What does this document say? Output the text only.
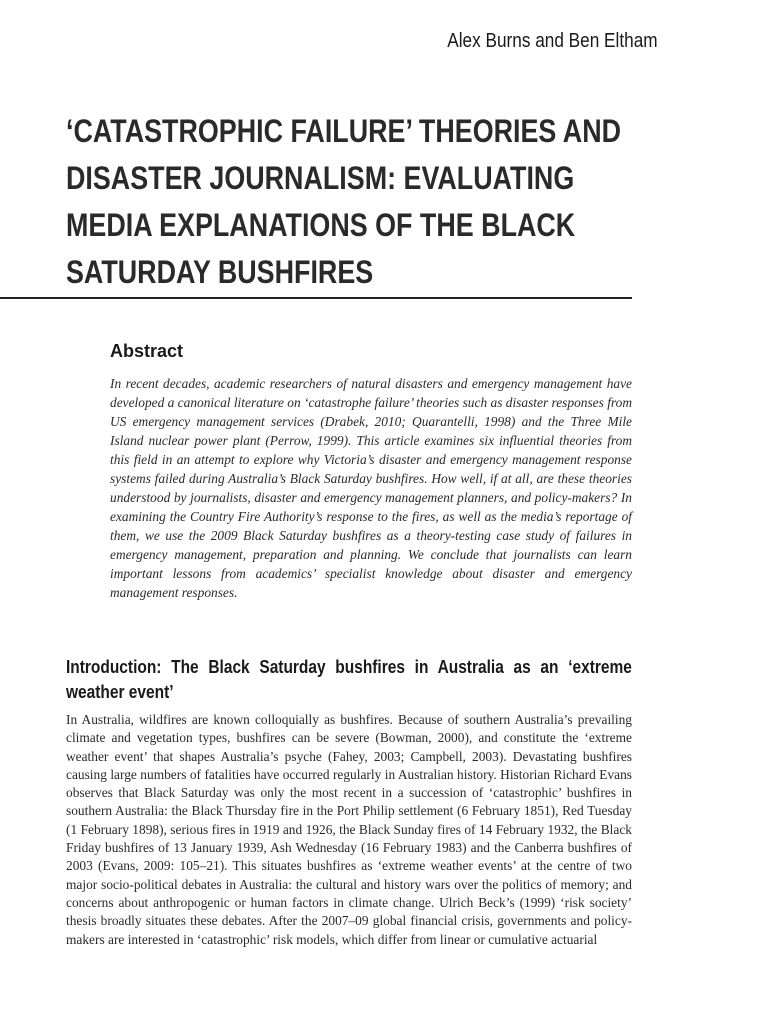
Alex Burns and Ben Eltham
‘CATASTROPHIC FAILURE’ THEORIES AND DISASTER JOURNALISM: EVALUATING MEDIA EXPLANATIONS OF THE BLACK SATURDAY BUSHFIRES
Abstract

In recent decades, academic researchers of natural disasters and emergency management have developed a canonical literature on ‘catastrophe failure’ theories such as disaster responses from US emergency management services (Drabek, 2010; Quarantelli, 1998) and the Three Mile Island nuclear power plant (Perrow, 1999). This article examines six influential theories from this field in an attempt to explore why Victoria’s disaster and emergency management response systems failed during Australia’s Black Saturday bushfires. How well, if at all, are these theories understood by journalists, disaster and emergency management planners, and policy-makers? In examining the Country Fire Authority’s response to the fires, as well as the media’s reportage of them, we use the 2009 Black Saturday bushfires as a theory-testing case study of failures in emergency management, preparation and planning. We conclude that journalists can learn important lessons from academics’ specialist knowledge about disaster and emergency management responses.

Introduction: The Black Saturday bushfires in Australia as an ‘extreme weather event’

In Australia, wildfires are known colloquially as bushfires. Because of southern Australia’s prevailing climate and vegetation types, bushfires can be severe (Bowman, 2000), and constitute the ‘extreme weather event’ that shapes Australia’s psyche (Fahey, 2003; Campbell, 2003). Devastating bushfires causing large numbers of fatalities have occurred regularly in Australian history. Historian Richard Evans observes that Black Saturday was only the most recent in a succession of ‘catastrophic’ bushfires in southern Australia: the Black Thursday fire in the Port Philip settlement (6 February 1851), Red Tuesday (1 February 1898), serious fires in 1919 and 1926, the Black Sunday fires of 14 February 1932, the Black Friday bushfires of 13 January 1939, Ash Wednesday (16 February 1983) and the Canberra bushfires of 2003 (Evans, 2009: 105–21). This situates bushfires as ‘extreme weather events’ at the centre of two major socio-political debates in Australia: the cultural and history wars over the politics of memory; and concerns about anthropogenic or human factors in climate change. Ulrich Beck’s (1999) ‘risk society’ thesis broadly situates these debates. After the 2007–09 global financial crisis, governments and policy-makers are interested in ‘catastrophic’ risk models, which differ from linear or cumulative actuarial
